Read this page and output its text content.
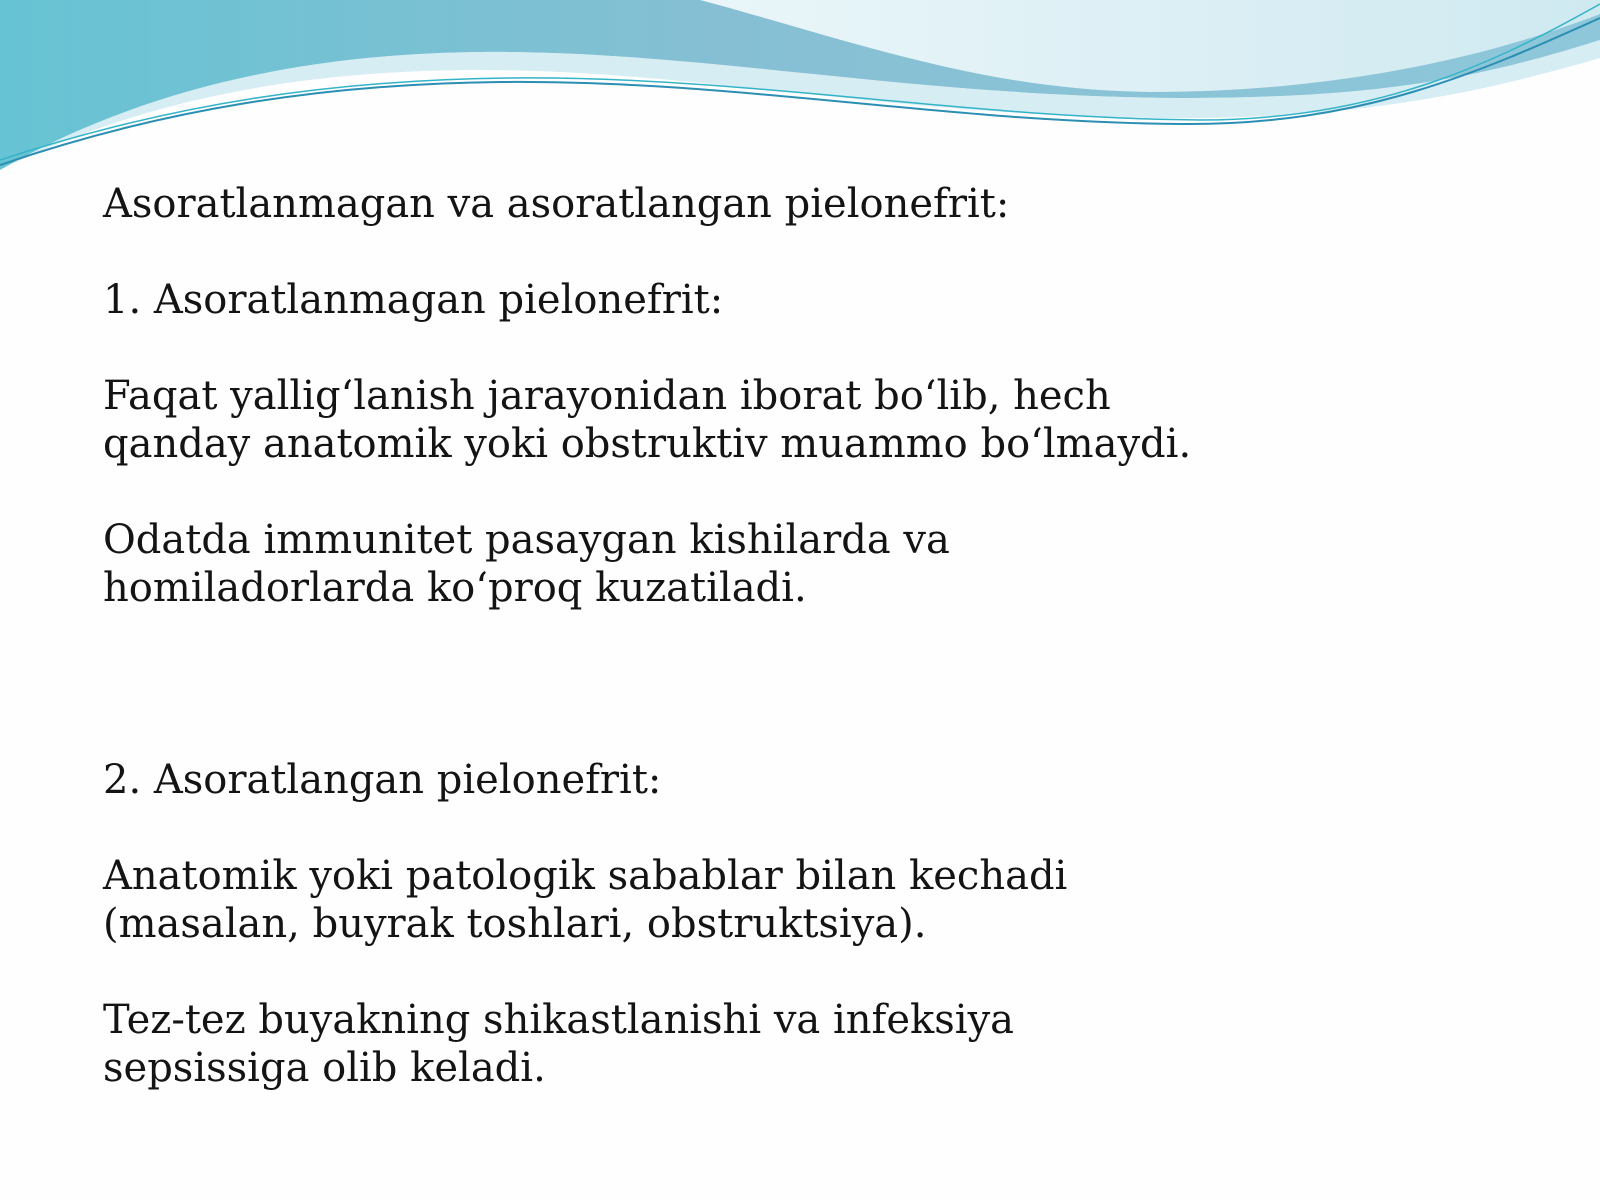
Asoratlanmagan va asoratlangan pielonefrit:
1. Asoratlanmagan pielonefrit:
Faqat yallig‘lanish jarayonidan iborat bo‘lib, hech
qanday anatomik yoki obstruktiv muammo bo‘lmaydi.
Odatda immunitet pasaygan kishilarda va
homiladorlarda ko‘proq kuzatiladi.
2. Asoratlangan pielonefrit:
Anatomik yoki patologik sabablar bilan kechadi
(masalan, buyrak toshlari, obstruktsiya).
Tez-tez buyakning shikastlanishi va infeksiya
sepsissiga olib keladi.
